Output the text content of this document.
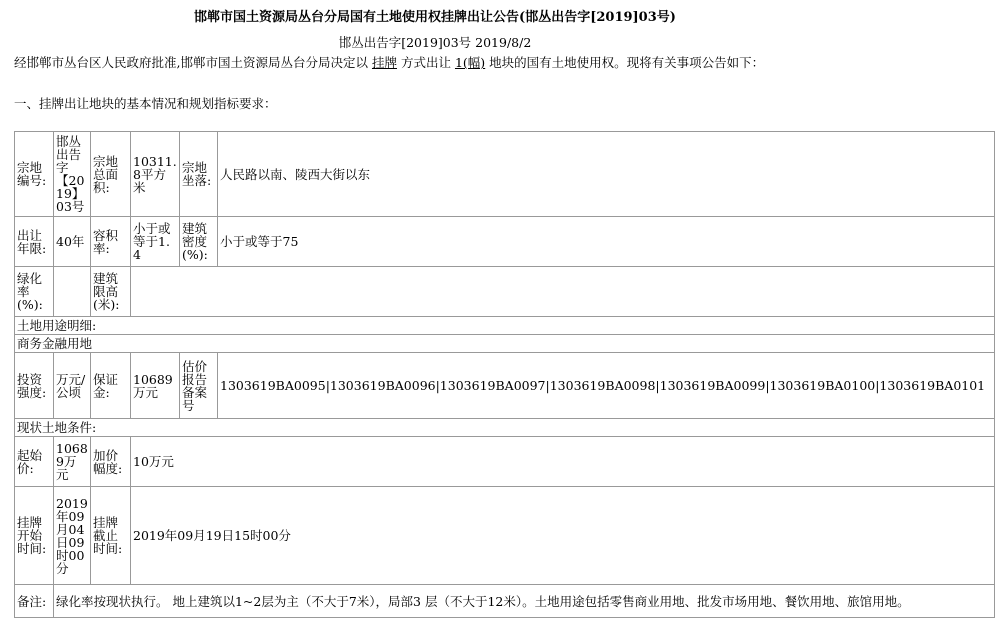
邯郸市国土资源局丛台分局国有土地使用权挂牌出让公告(邯丛出告字[2019]03号)
邯丛出告字[2019]03号 2019/8/2
经邯郸市丛台区人民政府批准,邯郸市国土资源局丛台分局决定以 挂牌 方式出让 1(幅) 地块的国有土地使用权。现将有关事项公告如下：
一、挂牌出让地块的基本情况和规划指标要求：
宗地编号:	邯丛出告字【2019】03号	宗地总面积:	10311.8平方米	宗地坐落:	人民路以南、陵西大街以东
出让年限:	40年	容积率:	小于或等于1.4	建筑密度(%):	小于或等于75
绿化率(%):		建筑限高(米):			
土地用途明细:					
商务金融用地					
投资强度:	万元/公顷	保证金:	10689万元	估价报告备案号	1303619BA0095|1303619BA0096|1303619BA0097|1303619BA0098|1303619BA0099|1303619BA0100|1303619BA0101
现状土地条件:					
起始价:	10689万元	加价幅度:	10万元		
挂牌开始时间:	2019年09月04日09时00分	挂牌截止时间:	2019年09月19日15时00分		
备注:	绿化率按现状执行。 地上建筑以1~2层为主（不大于7米），局部3 层（不大于12米）。土地用途包括零售商业用地、批发市场用地、餐饮用地、旅馆用地。				
